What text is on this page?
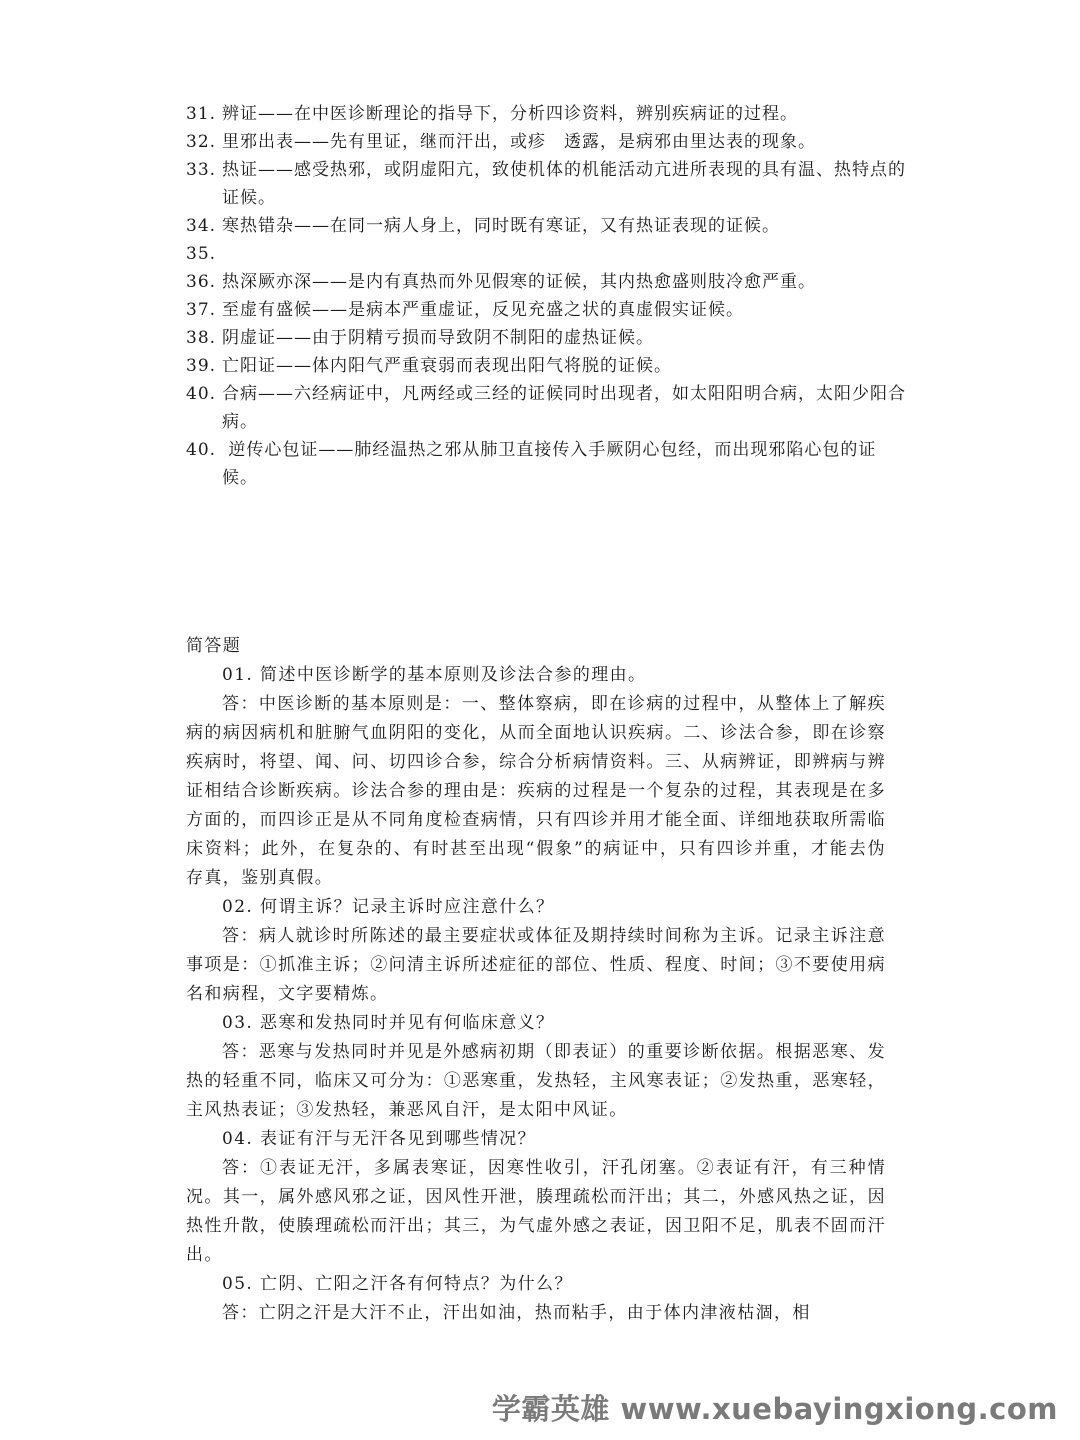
31. 辨证——在中医诊断理论的指导下，分析四诊资料，辨别疾病证的过程。
32. 里邪出表——先有里证，继而汗出，或疹　透露，是病邪由里达表的现象。
33. 热证——感受热邪，或阴虚阳亢，致使机体的机能活动亢进所表现的具有温、热特点的证候。
34. 寒热错杂——在同一病人身上，同时既有寒证，又有热证表现的证候。
35.
36. 热深厥亦深——是内有真热而外见假寒的证候，其内热愈盛则肢冷愈严重。
37. 至虚有盛候——是病本严重虚证，反见充盛之状的真虚假实证候。
38. 阴虚证——由于阴精亏损而导致阴不制阳的虚热证候。
39. 亡阳证——体内阳气严重衰弱而表现出阳气将脱的证候。
40. 合病——六经病证中，凡两经或三经的证候同时出现者，如太阳阳明合病，太阳少阳合病。
40. 逆传心包证——肺经温热之邪从肺卫直接传入手厥阴心包经，而出现邪陷心包的证候。
简答题
01. 简述中医诊断学的基本原则及诊法合参的理由。
答：中医诊断的基本原则是：一、整体察病，即在诊病的过程中，从整体上了解疾病的病因病机和脏腑气血阴阳的变化，从而全面地认识疾病。二、诊法合参，即在诊察疾病时，将望、闻、问、切四诊合参，综合分析病情资料。三、从病辨证，即辨病与辨证相结合诊断疾病。诊法合参的理由是：疾病的过程是一个复杂的过程，其表现是在多方面的，而四诊正是从不同角度检查病情，只有四诊并用才能全面、详细地获取所需临床资料；此外，在复杂的、有时甚至出现“假象”的病证中，只有四诊并重，才能去伪存真，鉴别真假。
02. 何谓主诉？记录主诉时应注意什么？
答：病人就诊时所陈述的最主要症状或体征及期持续时间称为主诉。记录主诉注意事项是：①抓准主诉；②问清主诉所述症征的部位、性质、程度、时间；③不要使用病名和病程，文字要精炼。
03. 恶寒和发热同时并见有何临床意义？
答：恶寒与发热同时并见是外感病初期（即表证）的重要诊断依据。根据恶寒、发热的轻重不同，临床又可分为：①恶寒重，发热轻，主风寒表证；②发热重，恶寒轻，主风热表证；③发热轻，兼恶风自汗，是太阳中风证。
04. 表证有汗与无汗各见到哪些情况？
答：①表证无汗，多属表寒证，因寒性收引，汗孔闭塞。②表证有汗，有三种情况。其一，属外感风邪之证，因风性开泄，腠理疏松而汗出；其二，外感风热之证，因热性升散，使腠理疏松而汗出；其三，为气虚外感之表证，因卫阳不足，肌表不固而汗出。
05. 亡阴、亡阳之汗各有何特点？为什么？
答：亡阴之汗是大汗不止，汗出如油，热而粘手，由于体内津液枯涸，相
学霸英雄 www.xuebayingxiong.com
